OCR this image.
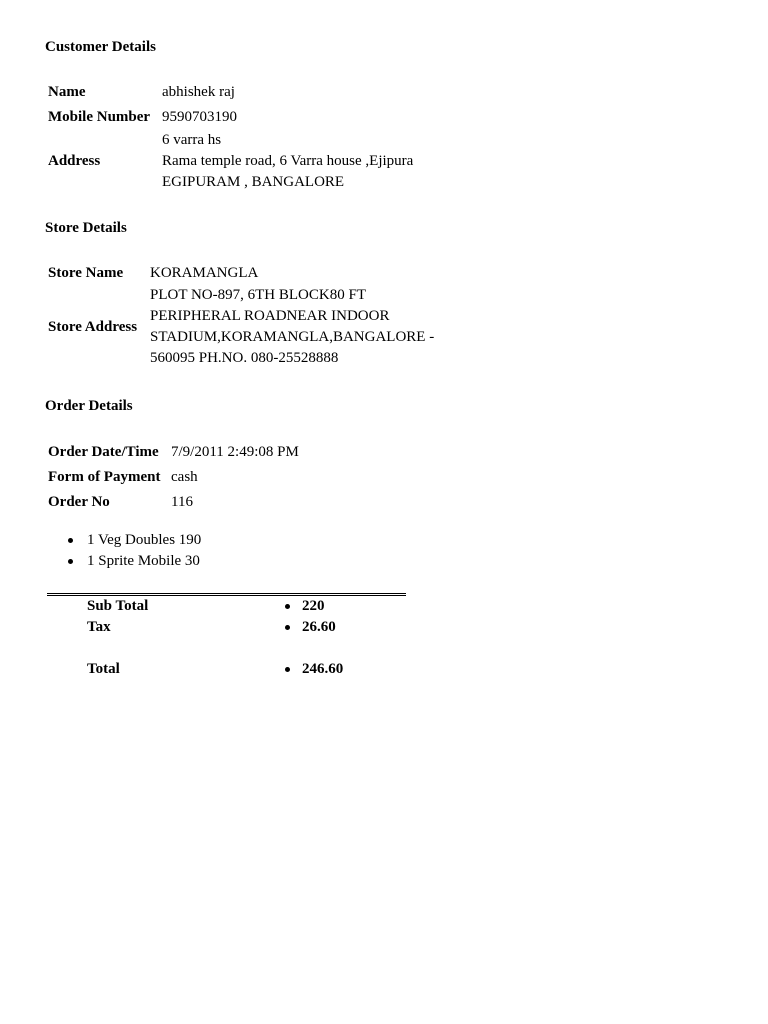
Customer Details
Name	abhishek raj
Mobile Number	9590703190
Address	6 varra hs
Rama temple road, 6 Varra house ,Ejipura
EGIPURAM , BANGALORE
Store Details
Store Name	KORAMANGLA
Store Address	PLOT NO-897, 6TH BLOCK80 FT
PERIPHERAL ROADNEAR INDOOR
STADIUM,KORAMANGLA,BANGALORE -
560095 PH.NO. 080-25528888
Order Details
Order Date/Time	7/9/2011 2:49:08 PM
Form of Payment	cash
Order No	116
1 Veg Doubles 190
1 Sprite Mobile 30
Sub Total	220
Tax	26.60
Total	246.60
